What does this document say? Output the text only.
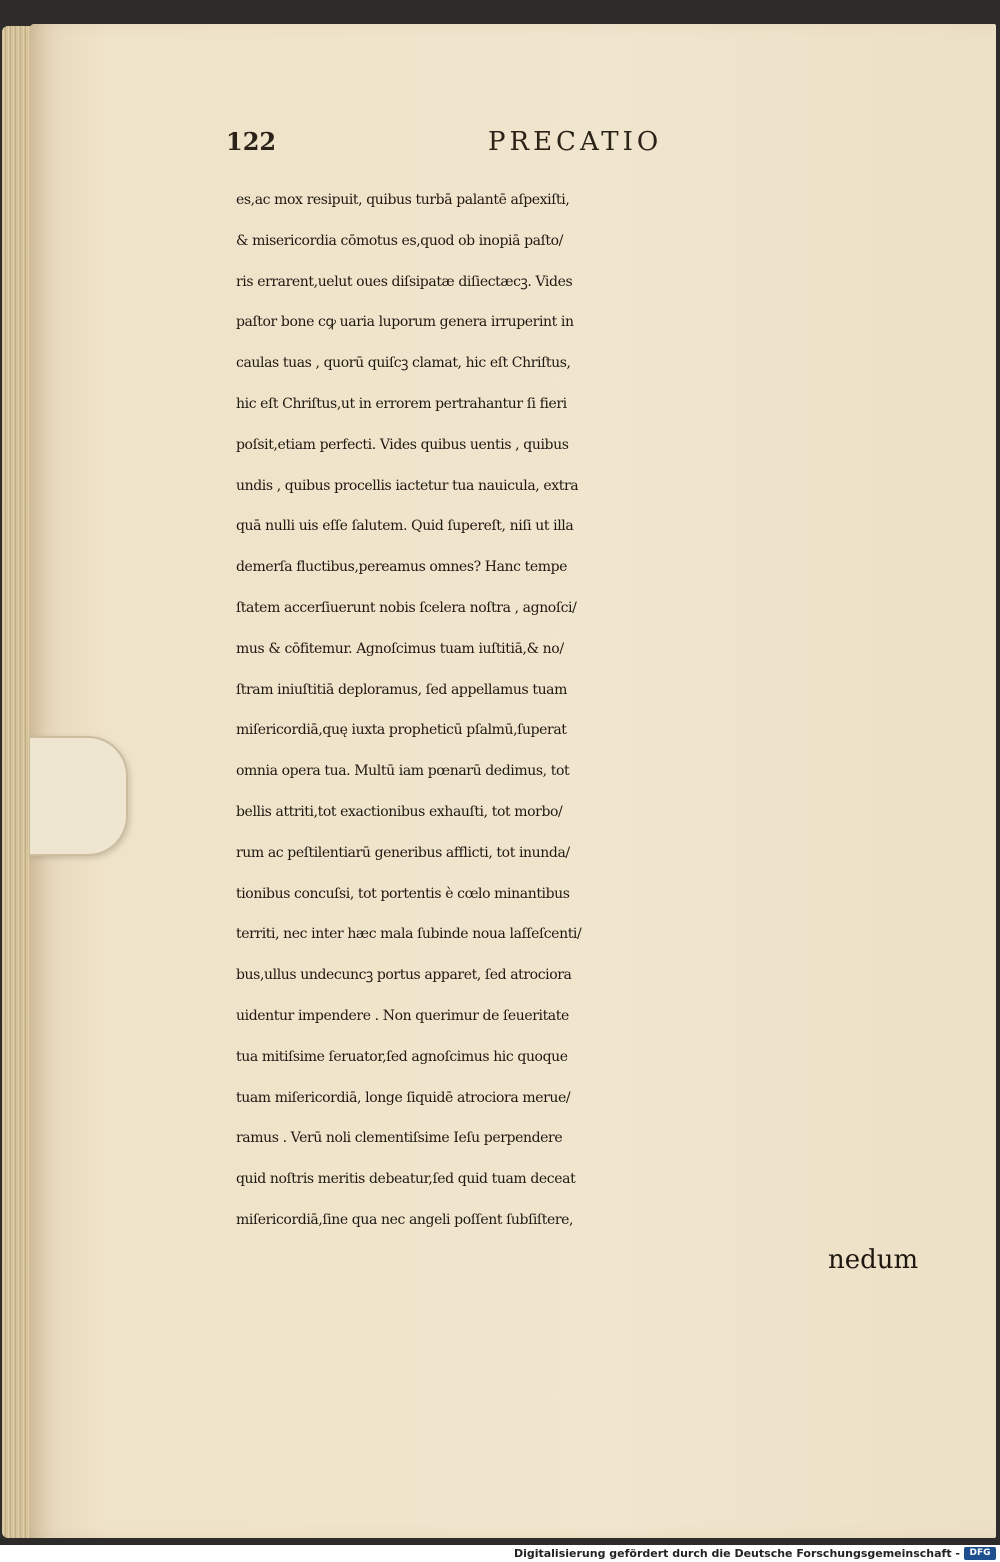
122	PRECATIO
es,ac mox resipuit, quibus turbā palantē aſpexiſti,
& misericordia cōmotus es,quod ob inopiā paſto/
ris errarent,uelut oues diſsipatæ diſiectæcꝫ. Vides
paſtor bone cꝙ uaria luporum genera irruperint in
caulas tuas , quorū quiſcꝫ clamat, hic eſt Chriſtus,
hic eſt Chriſtus,ut in errorem pertrahantur ſi fieri
poſsit,etiam perfecti. Vides quibus uentis , quibus
undis , quibus procellis iactetur tua nauicula, extra
quā nulli uis eſſe ſalutem. Quid ſupereſt, niſi ut illa
demerſa fluctibus,pereamus omnes? Hanc tempe
ſtatem accerſiuerunt nobis ſcelera noſtra , agnoſci/
mus & cōfitemur. Agnoſcimus tuam iuſtitiā,& no/
ſtram iniuſtitiā deploramus, ſed appellamus tuam
miſericordiā,quę iuxta propheticū pſalmū,ſuperat
omnia opera tua. Multū iam pœnarū dedimus, tot
bellis attriti,tot exactionibus exhauſti, tot morbo/
rum ac peſtilentiarū generibus afflicti, tot inunda/
tionibus concuſsi, tot portentis è cœlo minantibus
territi, nec inter hæc mala ſubinde noua laſſeſcenti/
bus,ullus undecuncꝫ portus apparet, ſed atrociora
uidentur impendere . Non querimur de ſeueritate
tua mitiſsime ſeruator,ſed agnoſcimus hic quoque
tuam miſericordiā, longe ſiquidē atrociora merue/
ramus . Verū noli clementiſsime Ieſu perpendere
quid noſtris meritis debeatur,ſed quid tuam deceat
miſericordiā,ſine qua nec angeli poſſent ſubſiſtere,
nedum
Digitalisierung gefördert durch die Deutsche Forschungsgemeinschaft -	DFG
